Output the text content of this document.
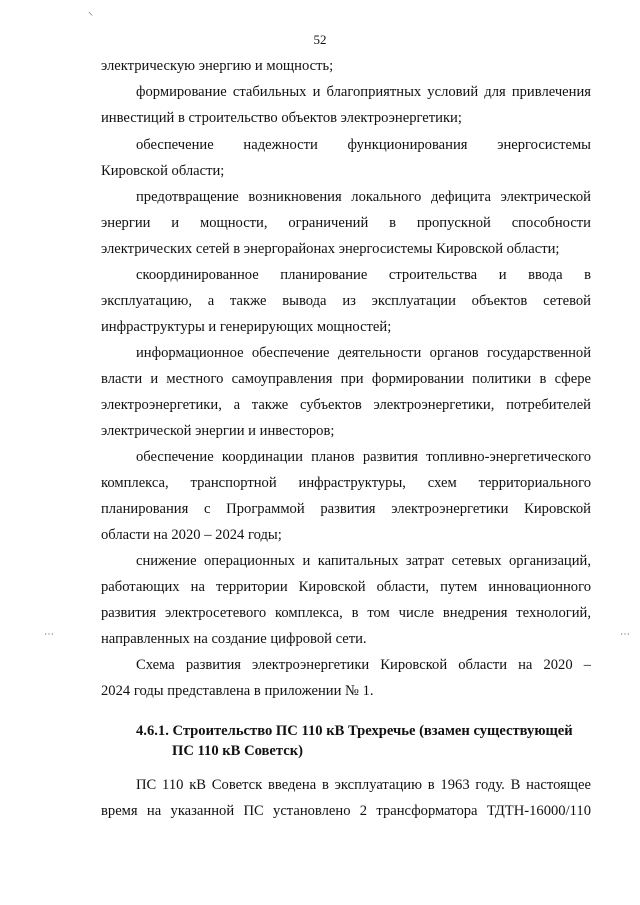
⸌
52
электрическую энергию и мощность;
формирование стабильных и благоприятных условий для привлечения
инвестиций в строительство объектов электроэнергетики;
обеспечение надежности функционирования энергосистемы
Кировской области;
предотвращение возникновения локального дефицита электрической
энергии и мощности, ограничений в пропускной способности
электрических сетей в энергорайонах энергосистемы Кировской области;
скоординированное планирование строительства и ввода в
эксплуатацию, а также вывода из эксплуатации объектов сетевой
инфраструктуры и генерирующих мощностей;
информационное обеспечение деятельности органов государственной
власти и местного самоуправления при формировании политики в сфере
электроэнергетики, а также субъектов электроэнергетики, потребителей
электрической энергии и инвесторов;
обеспечение координации планов развития топливно-энергетического
комплекса, транспортной инфраструктуры, схем территориального
планирования с Программой развития электроэнергетики Кировской
области на 2020 – 2024 годы;
снижение операционных и капитальных затрат сетевых организаций,
работающих на территории Кировской области, путем инновационного
развития электросетевого комплекса, в том числе внедрения технологий,
направленных на создание цифровой сети.
⋯	⋯
Схема развития электроэнергетики Кировской области на 2020 –
2024 годы представлена в приложении № 1.
4.6.1. Строительство ПС 110 кВ Трехречье (взамен существующей
ПС 110 кВ Советск)
ПС 110 кВ Советск введена в эксплуатацию в 1963 году. В настоящее
время на указанной ПС установлено 2 трансформатора ТДТН-16000/110
